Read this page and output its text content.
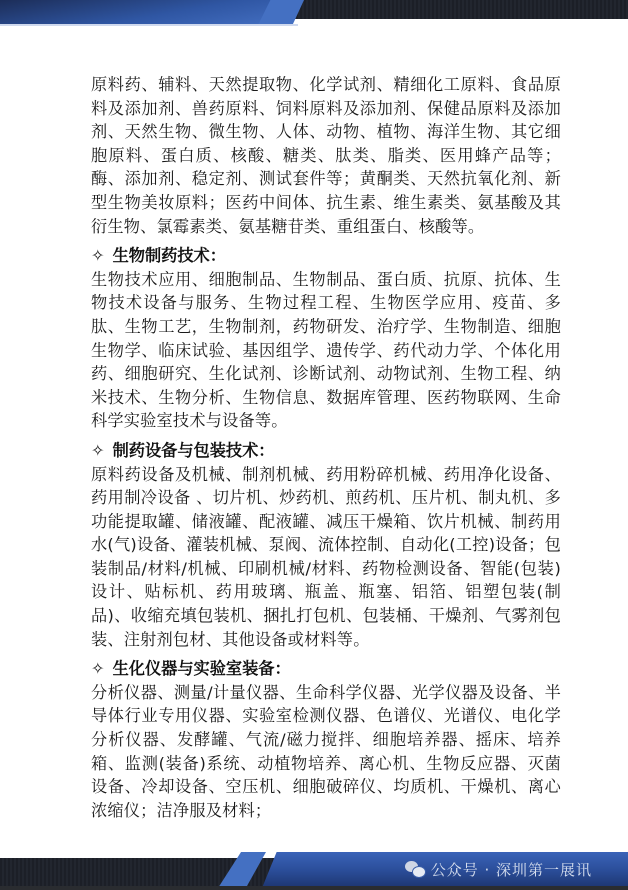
原料药、辅料、天然提取物、化学试剂、精细化工原料、食品原料及添加剂、兽药原料、饲料原料及添加剂、保健品原料及添加剂、天然生物、微生物、人体、动物、植物、海洋生物、其它细胞原料、蛋白质、核酸、糖类、肽类、脂类、医用蜂产品等；酶、添加剂、稳定剂、测试套件等；黄酮类、天然抗氧化剂、新型生物美妆原料；医药中间体、抗生素、维生素类、氨基酸及其衍生物、氯霉素类、氨基糖苷类、重组蛋白、核酸等。

✧ 生物制药技术：

生物技术应用、细胞制品、生物制品、蛋白质、抗原、抗体、生物技术设备与服务、生物过程工程、生物医学应用、疫苗、多肽、生物工艺，生物制剂，药物研发、治疗学、生物制造、细胞生物学、临床试验、基因组学、遗传学、药代动力学、个体化用药、细胞研究、生化试剂、诊断试剂、动物试剂、生物工程、纳米技术、生物分析、生物信息、数据库管理、医药物联网、生命科学实验室技术与设备等。

✧ 制药设备与包装技术：

原料药设备及机械、制剂机械、药用粉碎机械、药用净化设备、药用制冷设备 、切片机、炒药机、煎药机、压片机、制丸机、多功能提取罐、储液罐、配液罐、减压干燥箱、饮片机械、制药用水(气)设备、灌装机械、泵阀、流体控制、自动化(工控)设备；包装制品/材料/机械、印刷机械/材料、药物检测设备、智能(包装)设计、贴标机、药用玻璃、瓶盖、瓶塞、铝箔、铝塑包装(制品)、收缩充填包装机、捆扎打包机、包装桶、干燥剂、气雾剂包装、注射剂包材、其他设备或材料等。

✧ 生化仪器与实验室装备：

分析仪器、测量/计量仪器、生命科学仪器、光学仪器及设备、半导体行业专用仪器、实验室检测仪器、色谱仪、光谱仪、电化学分析仪器、发酵罐、气流/磁力搅拌、细胞培养器、摇床、培养箱、监测(装备)系统、动植物培养、离心机、生物反应器、灭菌设备、冷却设备、空压机、细胞破碎仪、均质机、干燥机、离心浓缩仪；洁净服及材料；

公众号 · 深圳第一展讯
